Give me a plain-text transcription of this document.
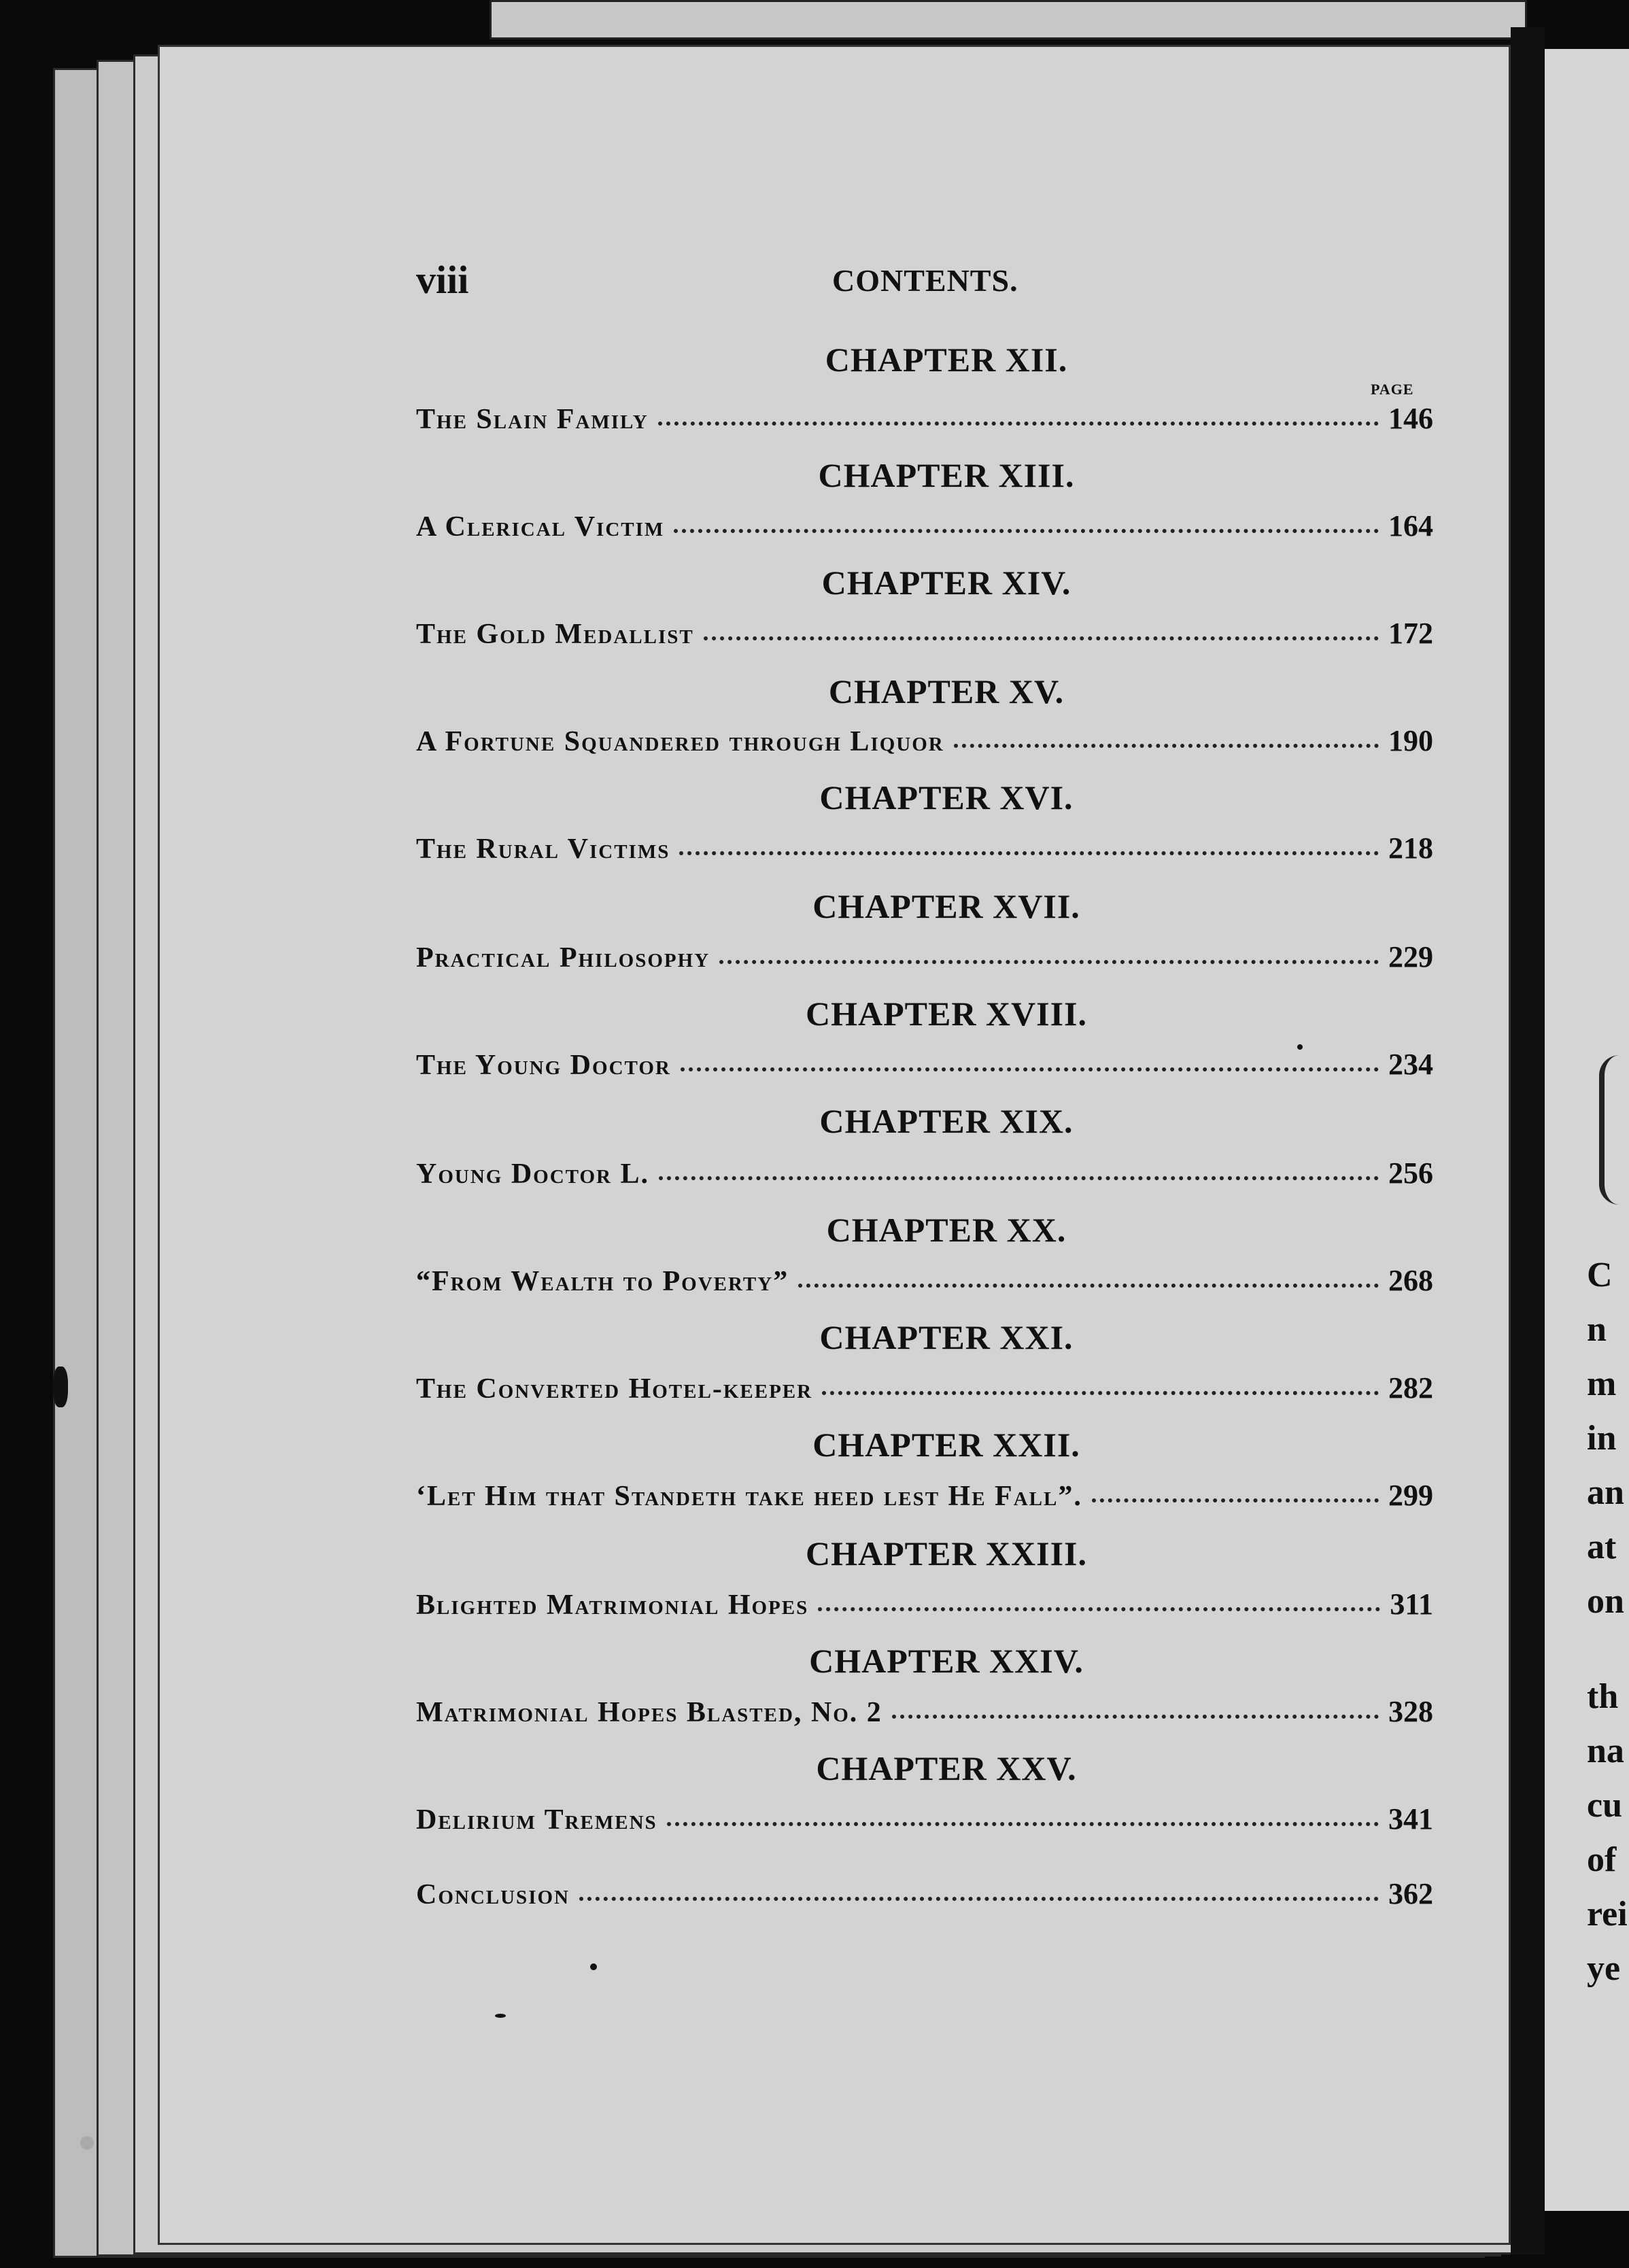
C
n
m
in
an
at
on
th
na
cu
of
rei
ye
viii	CONTENTS.
PAGE
CHAPTER XII.
The Slain Family	146
CHAPTER XIII.
A Clerical Victim	164
CHAPTER XIV.
The Gold Medallist	172
CHAPTER XV.
A Fortune Squandered through Liquor	190
CHAPTER XVI.
The Rural Victims	218
CHAPTER XVII.
Practical Philosophy	229
CHAPTER XVIII.
The Young Doctor	234
CHAPTER XIX.
Young Doctor L.	256
CHAPTER XX.
“From Wealth to Poverty”	268
CHAPTER XXI.
The Converted Hotel-keeper	282
CHAPTER XXII.
‘Let Him that Standeth take heed lest He Fall”.	299
CHAPTER XXIII.
Blighted Matrimonial Hopes	311
CHAPTER XXIV.
Matrimonial Hopes Blasted, No. 2	328
CHAPTER XXV.
Delirium Tremens	341
Conclusion	362
